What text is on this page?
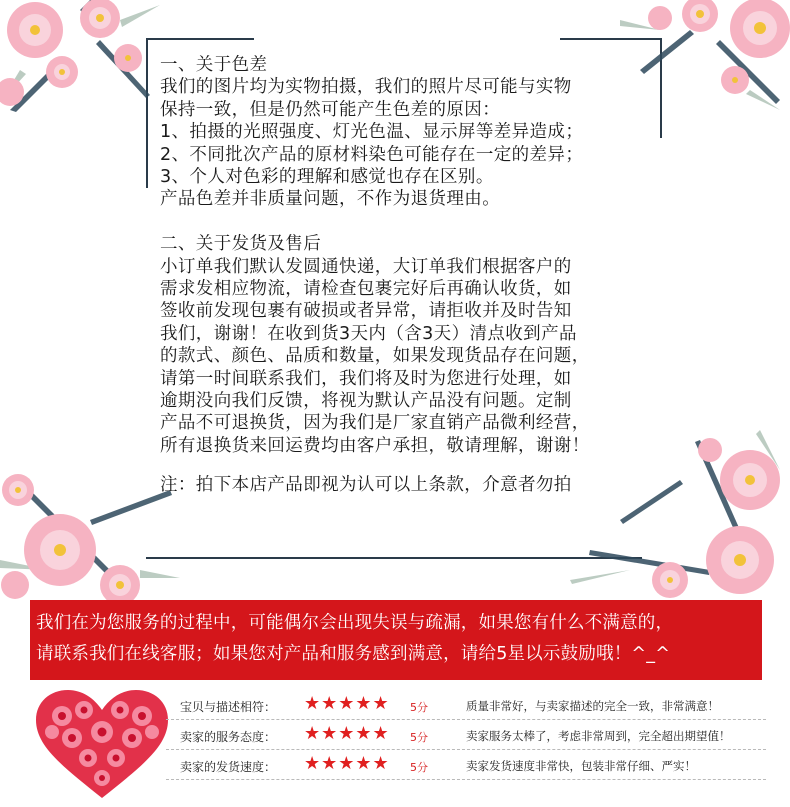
一、关于色差
我们的图片均为实物拍摄，我们的照片尽可能与实物
保持一致，但是仍然可能产生色差的原因：
1、拍摄的光照强度、灯光色温、显示屏等差异造成；
2、不同批次产品的原材料染色可能存在一定的差异；
3、个人对色彩的理解和感觉也存在区别。
产品色差并非质量问题，不作为退货理由。
二、关于发货及售后
小订单我们默认发圆通快递，大订单我们根据客户的
需求发相应物流，请检查包裹完好后再确认收货，如
签收前发现包裹有破损或者异常，请拒收并及时告知
我们，谢谢！在收到货3天内（含3天）清点收到产品
的款式、颜色、品质和数量，如果发现货品存在问题，
请第一时间联系我们，我们将及时为您进行处理，如
逾期没向我们反馈，将视为默认产品没有问题。定制
产品不可退换货，因为我们是厂家直销产品微利经营，
所有退换货来回运费均由客户承担，敬请理解，谢谢！
注：拍下本店产品即视为认可以上条款，介意者勿拍
我们在为您服务的过程中，可能偶尔会出现失误与疏漏，如果您有什么不满意的，
请联系我们在线客服；如果您对产品和服务感到满意，请给5星以示鼓励哦！^_^
宝贝与描述相符： ★★★★★ 5分	质量非常好，与卖家描述的完全一致，非常满意！
卖家的服务态度： ★★★★★ 5分	卖家服务太棒了，考虑非常周到，完全超出期望值！
卖家的发货速度： ★★★★★ 5分	卖家发货速度非常快，包装非常仔细、严实！
